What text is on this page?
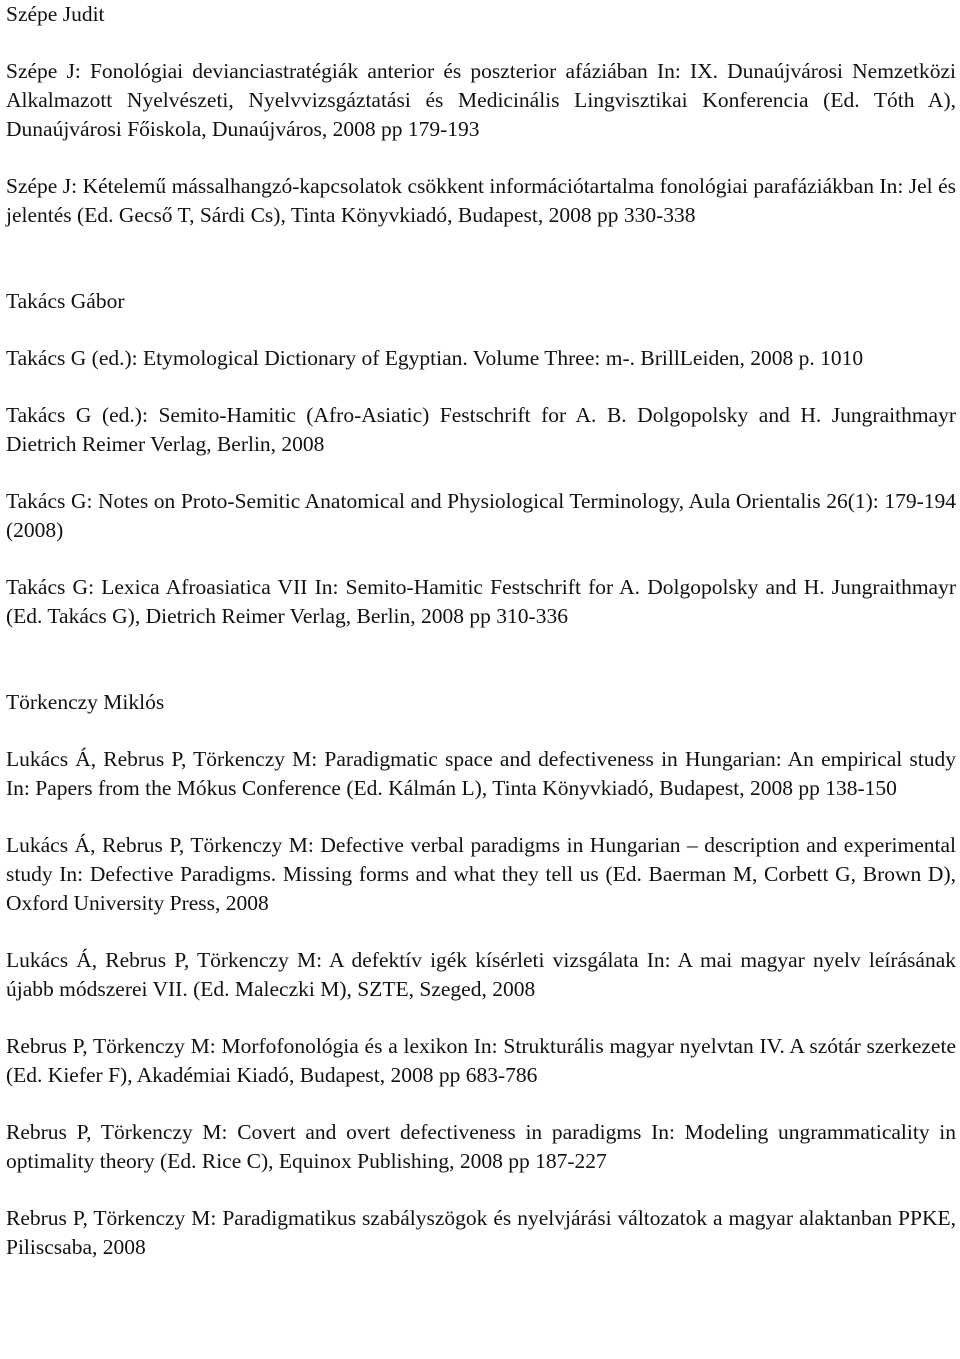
Szépe Judit

Szépe J: Fonológiai devianciastratégiák anterior és poszterior afáziában In: IX. Dunaújvárosi Nemzetközi Alkalmazott Nyelvészeti, Nyelvvizsgáztatási és Medicinális Lingvisztikai Konferencia (Ed. Tóth A), Dunaújvárosi Főiskola, Dunaújváros, 2008 pp 179-193

Szépe J: Kételemű mássalhangzó-kapcsolatok csökkent információtartalma fonológiai parafáziákban In: Jel és jelentés (Ed. Gecső T, Sárdi Cs), Tinta Könyvkiadó, Budapest, 2008 pp 330-338

Takács Gábor

Takács G (ed.): Etymological Dictionary of Egyptian. Volume Three: m-. BrillLeiden, 2008 p. 1010

Takács G (ed.): Semito-Hamitic (Afro-Asiatic) Festschrift for A. B. Dolgopolsky and H. Jungraithmayr Dietrich Reimer Verlag, Berlin, 2008

Takács G: Notes on Proto-Semitic Anatomical and Physiological Terminology, Aula Orientalis 26(1): 179-194 (2008)

Takács G: Lexica Afroasiatica VII In: Semito-Hamitic Festschrift for A. Dolgopolsky and H. Jungraithmayr (Ed. Takács G), Dietrich Reimer Verlag, Berlin, 2008 pp 310-336

Törkenczy Miklós

Lukács Á, Rebrus P, Törkenczy M: Paradigmatic space and defectiveness in Hungarian: An empirical study In: Papers from the Mókus Conference (Ed. Kálmán L), Tinta Könyvkiadó, Budapest, 2008 pp 138-150

Lukács Á, Rebrus P, Törkenczy M: Defective verbal paradigms in Hungarian – description and experimental study In: Defective Paradigms. Missing forms and what they tell us (Ed. Baerman M, Corbett G, Brown D), Oxford University Press, 2008

Lukács Á, Rebrus P, Törkenczy M: A defektív igék kísérleti vizsgálata In: A mai magyar nyelv leírásának újabb módszerei VII. (Ed. Maleczki M), SZTE, Szeged, 2008

Rebrus P, Törkenczy M: Morfofonológia és a lexikon In: Strukturális magyar nyelvtan IV. A szótár szerkezete (Ed. Kiefer F), Akadémiai Kiadó, Budapest, 2008 pp 683-786

Rebrus P, Törkenczy M: Covert and overt defectiveness in paradigms In: Modeling ungrammaticality in optimality theory (Ed. Rice C), Equinox Publishing, 2008 pp 187-227

Rebrus P, Törkenczy M: Paradigmatikus szabályszögok és nyelvjárási változatok a magyar alaktanban PPKE, Piliscsaba, 2008
